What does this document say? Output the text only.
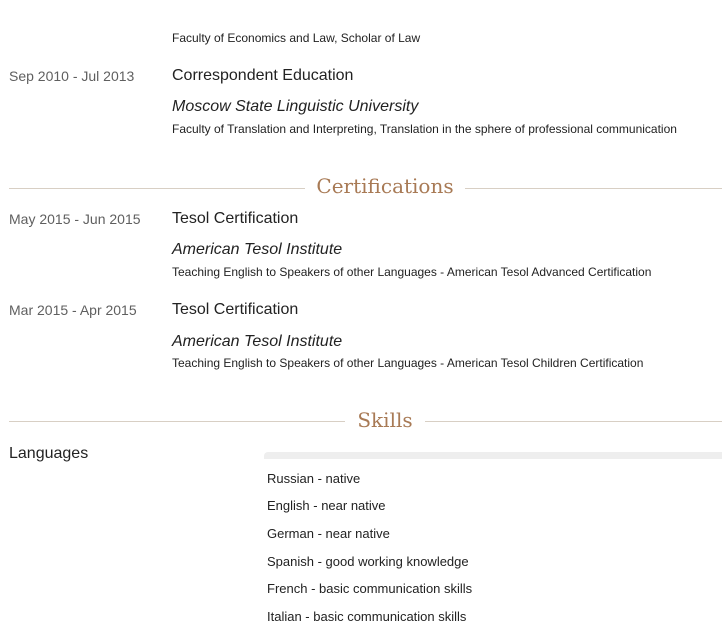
Faculty of Economics and Law, Scholar of Law
Sep 2010 - Jul 2013 Correspondent Education
Moscow State Linguistic University
Faculty of Translation and Interpreting, Translation in the sphere of professional communication
Certifications
May 2015 - Jun 2015 Tesol Certification
American Tesol Institute
Teaching English to Speakers of other Languages - American Tesol Advanced Certification
Mar 2015 - Apr 2015 Tesol Certification
American Tesol Institute
Teaching English to Speakers of other Languages - American Tesol Children Certification
Skills
Languages
Russian - native
English - near native
German - near native
Spanish - good working knowledge
French - basic communication skills
Italian - basic communication skills
